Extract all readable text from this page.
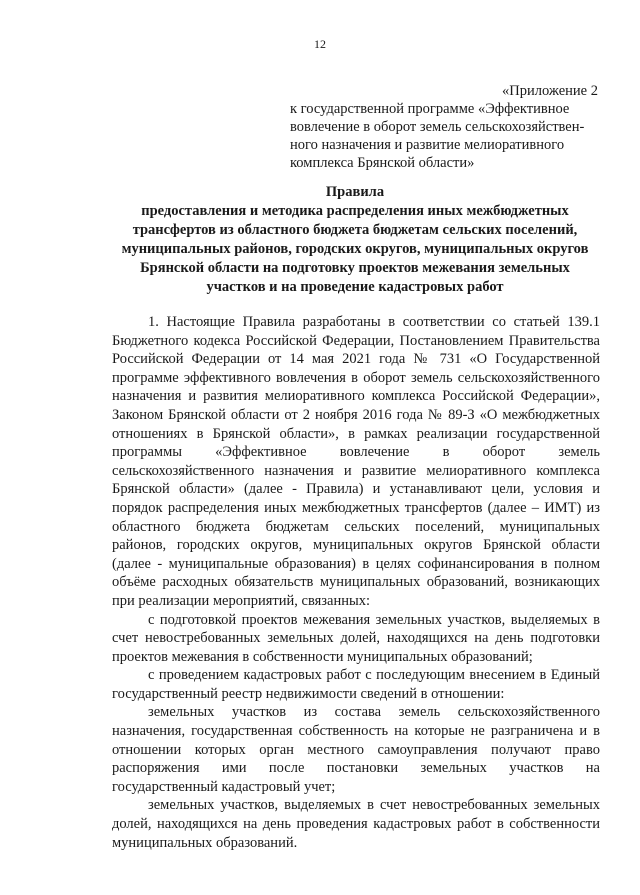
12
«Приложение 2
к государственной программе «Эффективное
вовлечение в оборот земель сельскохозяйствен-
ного назначения и развитие мелиоративного
комплекса Брянской области»
Правила
предоставления и методика распределения иных межбюджетных
трансфертов из областного бюджета бюджетам сельских поселений,
муниципальных районов, городских округов, муниципальных округов
Брянской области на подготовку проектов межевания земельных
участков и на проведение кадастровых работ
1. Настоящие Правила разработаны в соответствии со статьей 139.1
Бюджетного кодекса Российской Федерации, Постановлением Правительства
Российской Федерации от 14 мая 2021 года № 731 «О Государственной
программе эффективного вовлечения в оборот земель сельскохозяйственного
назначения и развития мелиоративного комплекса Российской Федерации»,
Законом Брянской области от 2 ноября 2016 года № 89-З «О межбюджетных
отношениях в Брянской области», в рамках реализации государственной
программы «Эффективное вовлечение в оборот земель
сельскохозяйственного назначения и развитие мелиоративного комплекса
Брянской области» (далее - Правила) и устанавливают цели, условия и
порядок распределения иных межбюджетных трансфертов (далее – ИМТ) из
областного бюджета бюджетам сельских поселений, муниципальных
районов, городских округов, муниципальных округов Брянской области
(далее - муниципальные образования) в целях софинансирования в полном
объёме расходных обязательств муниципальных образований, возникающих
при реализации мероприятий, связанных:
с подготовкой проектов межевания земельных участков, выделяемых в
счет невостребованных земельных долей, находящихся на день подготовки
проектов межевания в собственности муниципальных образований;
с проведением кадастровых работ с последующим внесением в Единый
государственный реестр недвижимости сведений в отношении:
земельных участков из состава земель сельскохозяйственного
назначения, государственная собственность на которые не разграничена и в
отношении которых орган местного самоуправления получают право
распоряжения ими после постановки земельных участков на
государственный кадастровый учет;
земельных участков, выделяемых в счет невостребованных земельных
долей, находящихся на день проведения кадастровых работ в собственности
муниципальных образований.
